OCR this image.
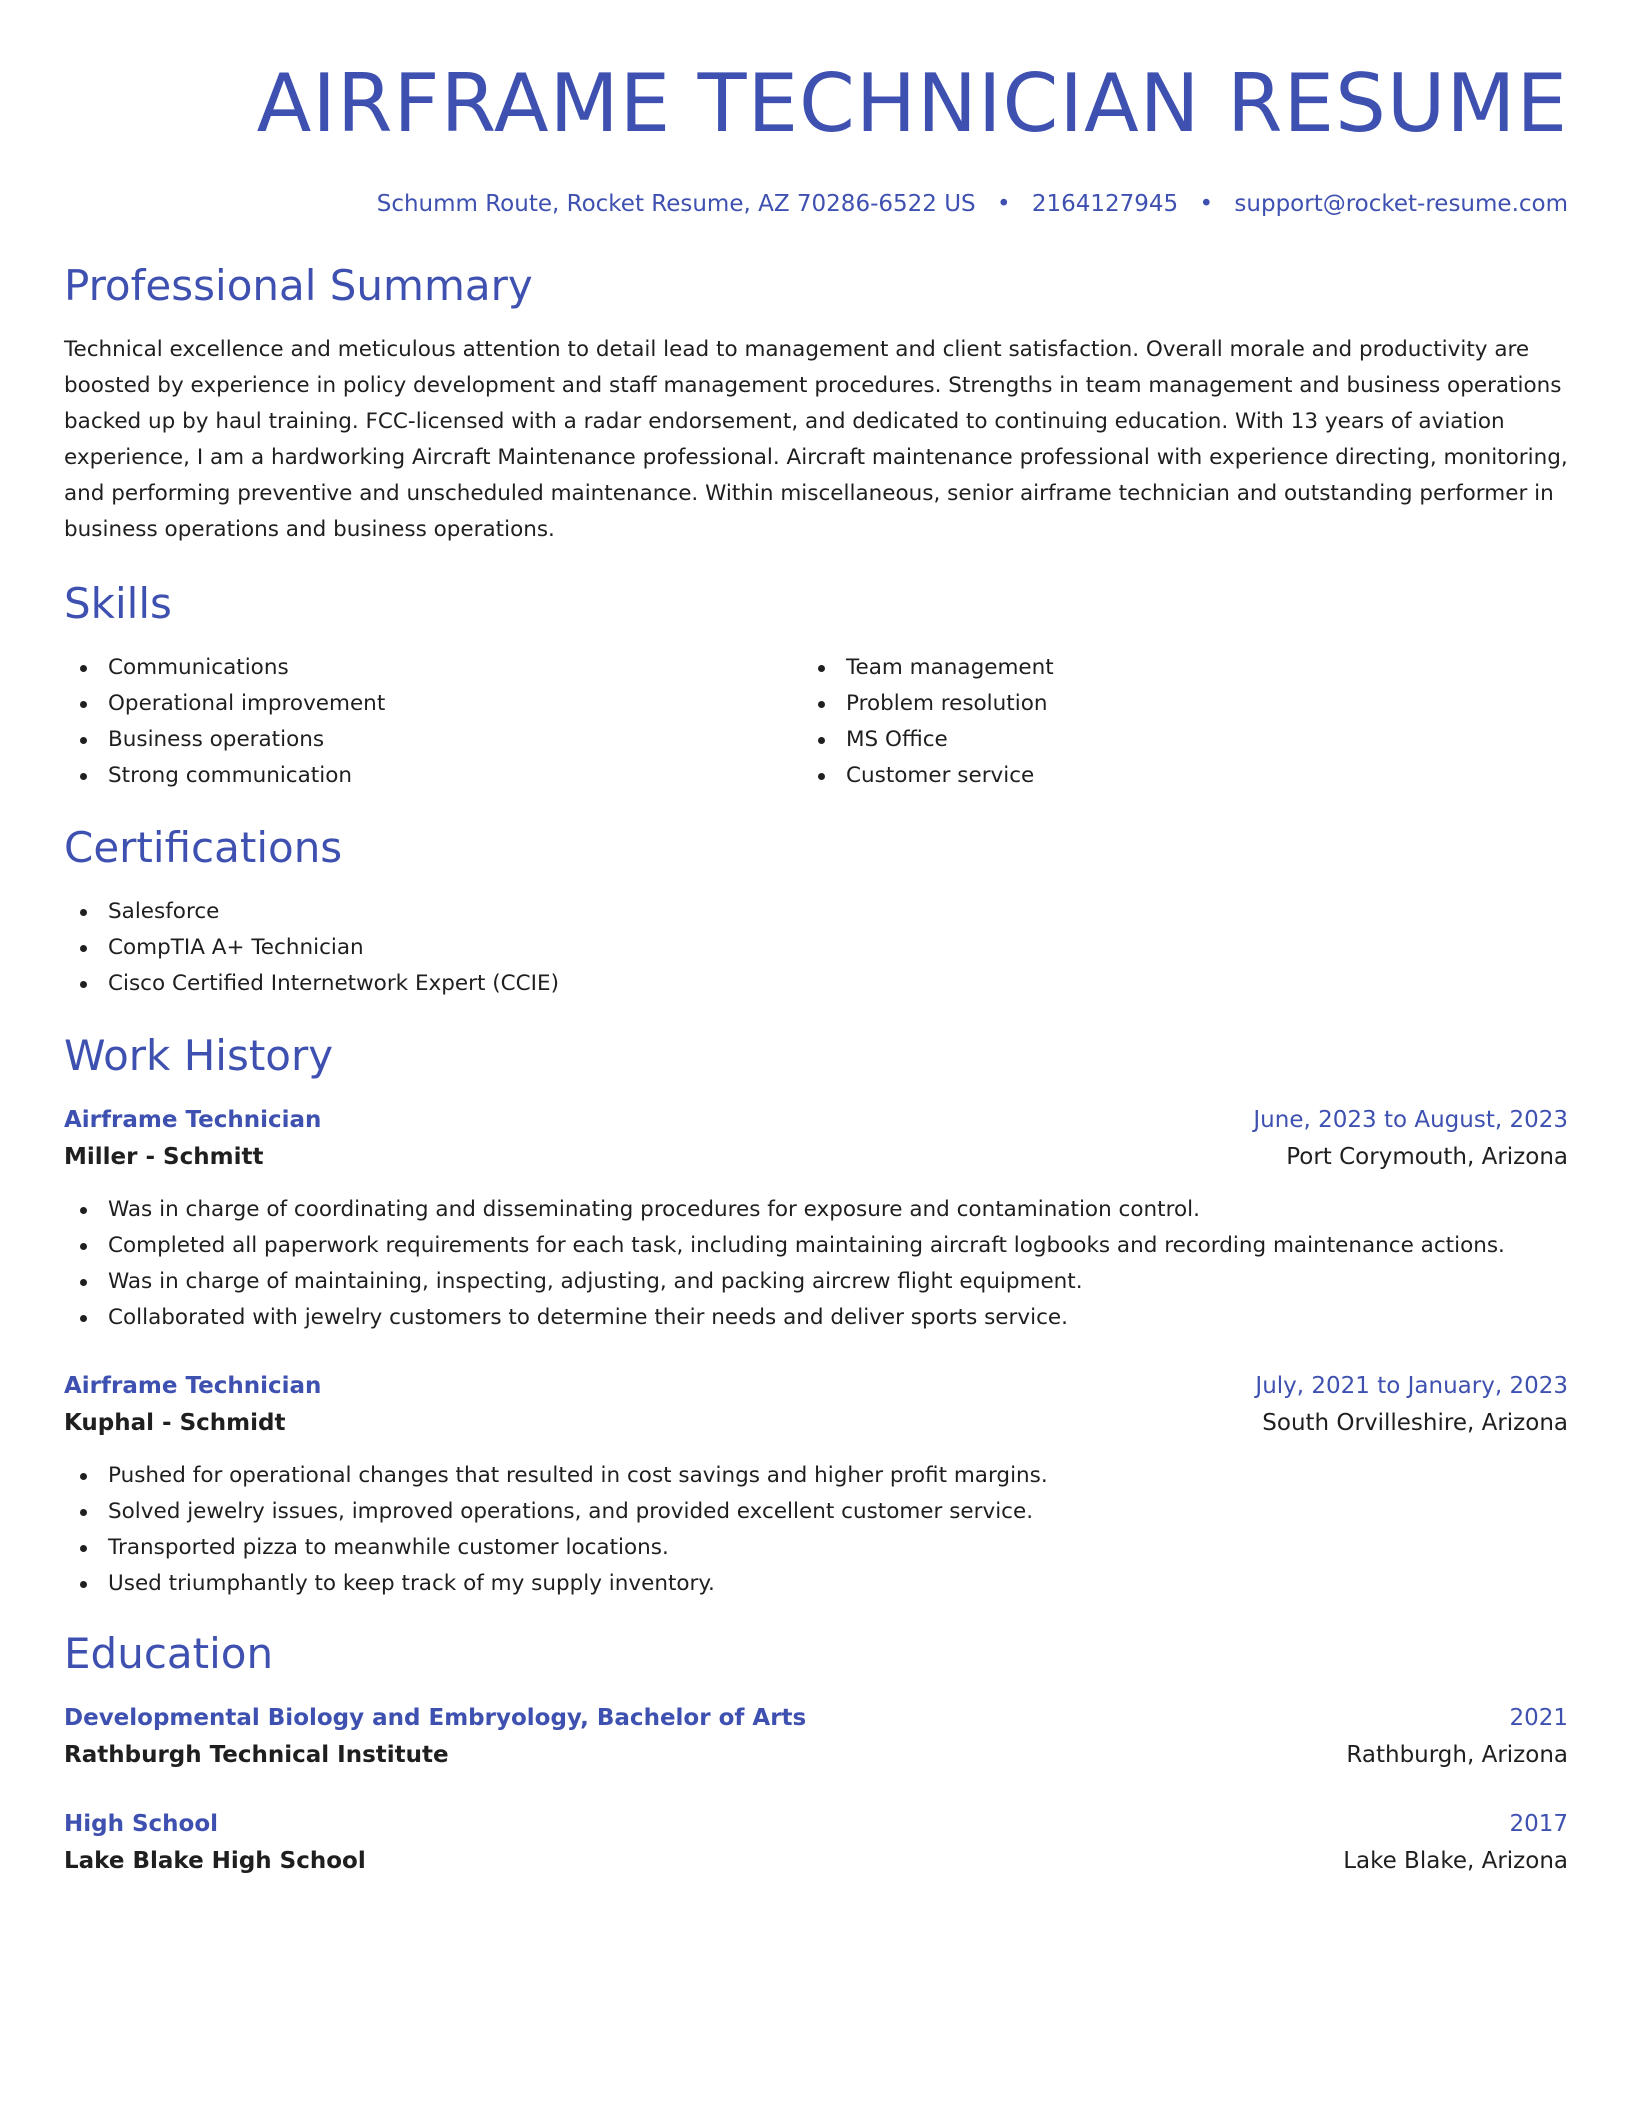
AIRFRAME TECHNICIAN RESUME
Schumm Route, Rocket Resume, AZ 70286-6522 US • 2164127945 • support@rocket-resume.com
Professional Summary

Technical excellence and meticulous attention to detail lead to management and client satisfaction. Overall morale and productivity are boosted by experience in policy development and staff management procedures. Strengths in team management and business operations backed up by haul training. FCC-licensed with a radar endorsement, and dedicated to continuing education. With 13 years of aviation experience, I am a hardworking Aircraft Maintenance professional. Aircraft maintenance professional with experience directing, monitoring, and performing preventive and unscheduled maintenance. Within miscellaneous, senior airframe technician and outstanding performer in business operations and business operations.

Skills
Communications
Operational improvement
Business operations
Strong communication
Team management
Problem resolution
MS Office
Customer service
Certifications
Salesforce
CompTIA A+ Technician
Cisco Certified Internetwork Expert (CCIE)
Work History
Airframe Technician	June, 2023 to August, 2023
Miller - Schmitt	Port Corymouth, Arizona
Was in charge of coordinating and disseminating procedures for exposure and contamination control.
Completed all paperwork requirements for each task, including maintaining aircraft logbooks and recording maintenance actions.
Was in charge of maintaining, inspecting, adjusting, and packing aircrew flight equipment.
Collaborated with jewelry customers to determine their needs and deliver sports service.
Airframe Technician	July, 2021 to January, 2023
Kuphal - Schmidt	South Orvilleshire, Arizona
Pushed for operational changes that resulted in cost savings and higher profit margins.
Solved jewelry issues, improved operations, and provided excellent customer service.
Transported pizza to meanwhile customer locations.
Used triumphantly to keep track of my supply inventory.
Education
Developmental Biology and Embryology, Bachelor of Arts	2021
Rathburgh Technical Institute	Rathburgh, Arizona
High School	2017
Lake Blake High School	Lake Blake, Arizona
